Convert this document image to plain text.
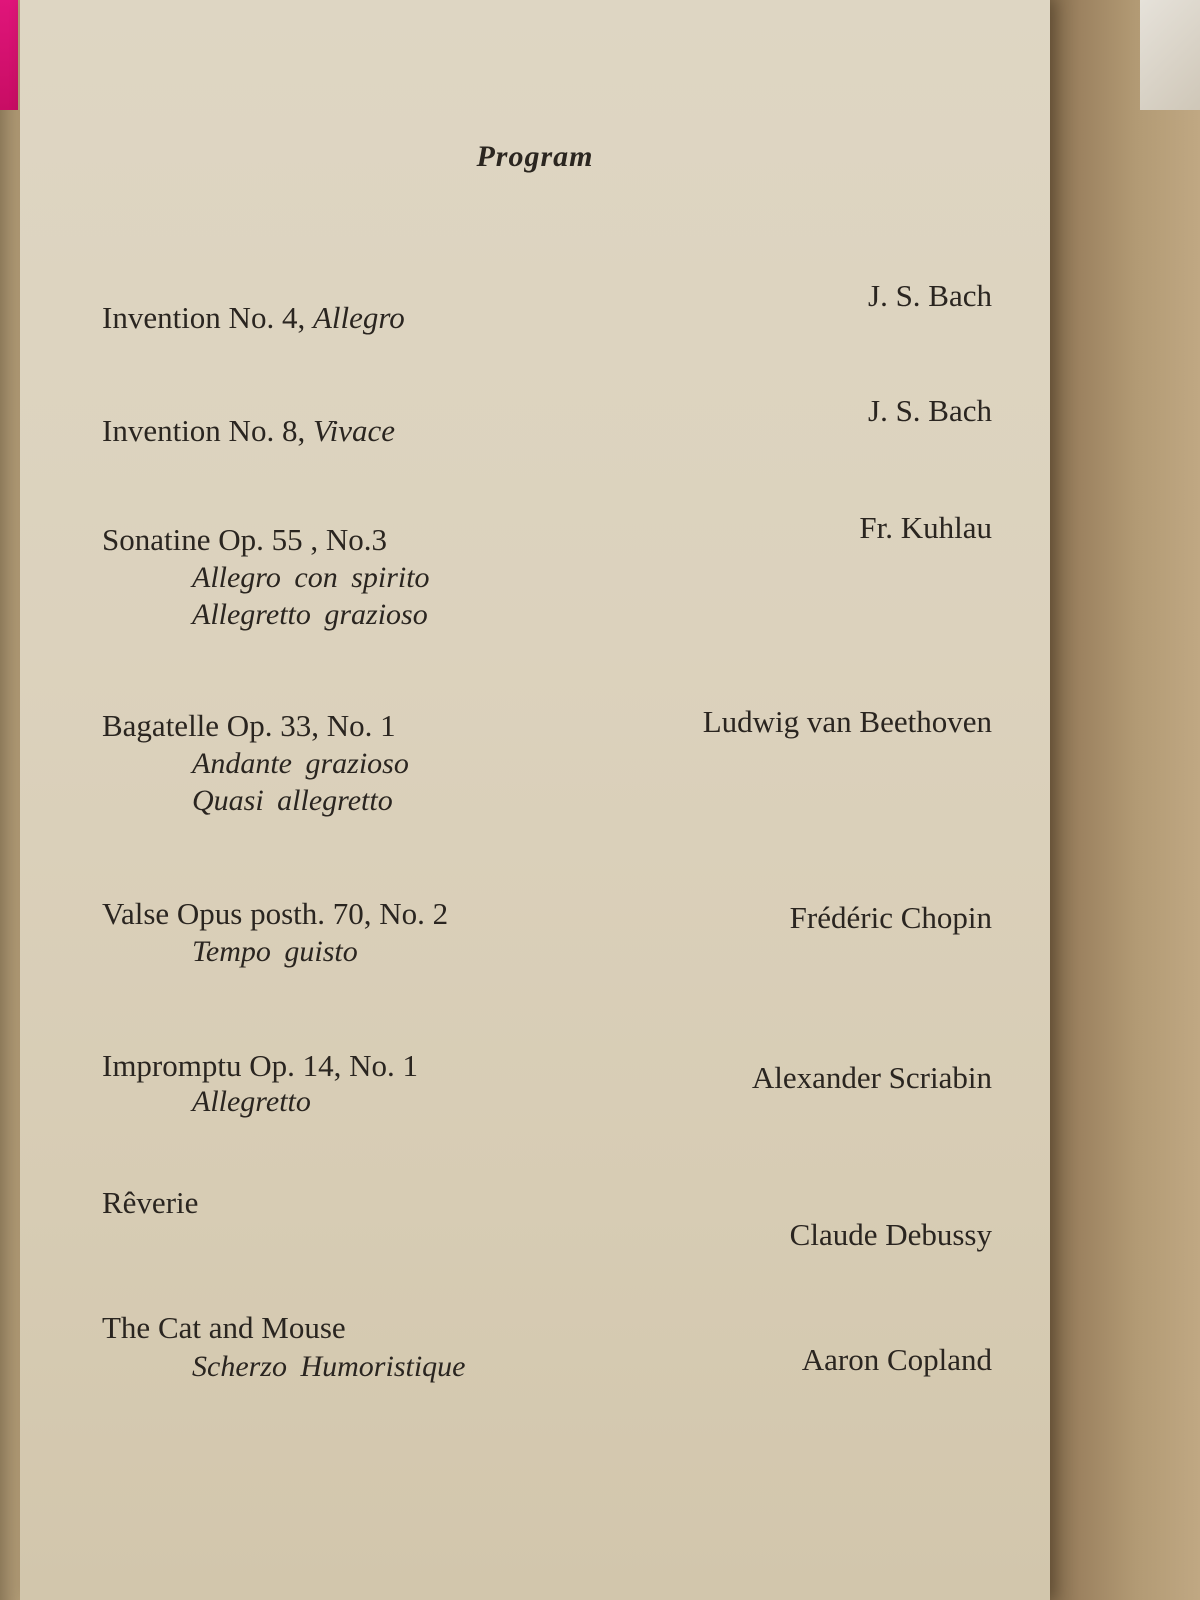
Program
Invention No. 4, Allegro
J. S. Bach
Invention No. 8, Vivace
J. S. Bach
Sonatine Op. 55 , No.3
Allegro con spirito
Allegretto grazioso
Fr. Kuhlau
Bagatelle Op. 33, No. 1
Andante grazioso
Quasi allegretto
Ludwig van Beethoven
Valse Opus posth. 70, No. 2
Tempo guisto
Frédéric Chopin
Impromptu Op. 14, No. 1
Allegretto
Alexander Scriabin
Rêverie
Claude Debussy
The Cat and Mouse
Scherzo Humoristique	Aaron Copland
